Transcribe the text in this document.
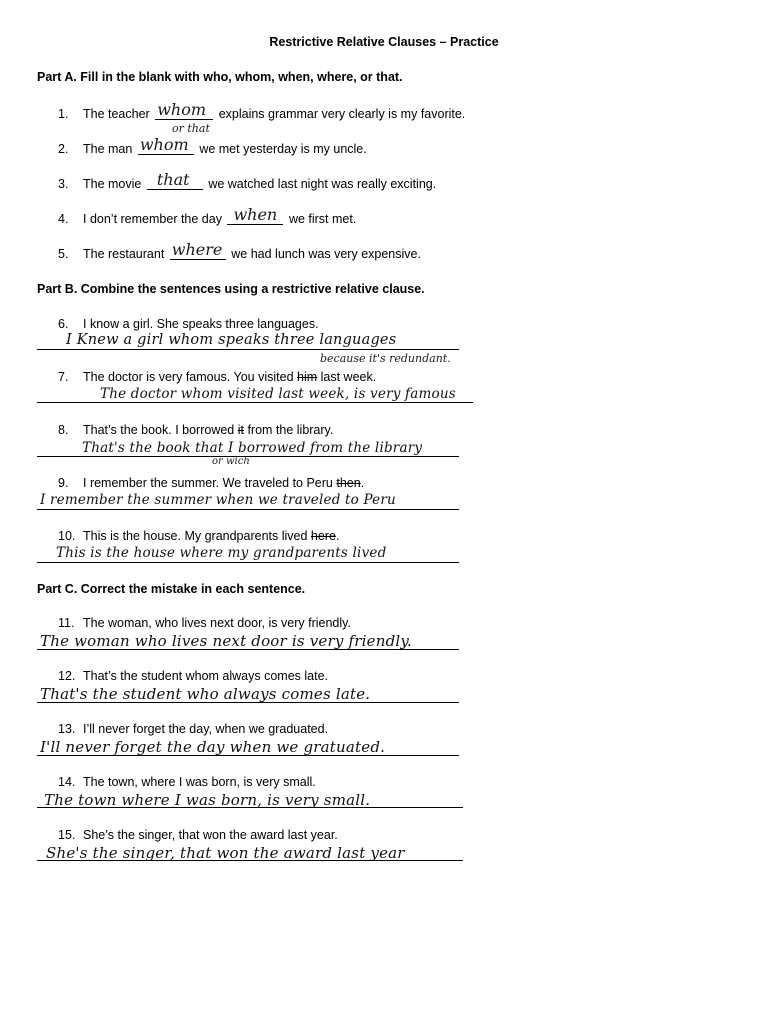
Restrictive Relative Clauses – Practice
Part A. Fill in the blank with who, whom, when, where, or that.
1. The teacher whom explains grammar very clearly is my favorite.
or that
2. The man whom we met yesterday is my uncle.
3. The movie that we watched last night was really exciting.
4. I don’t remember the day when we first met.
5. The restaurant where we had lunch was very expensive.
Part B. Combine the sentences using a restrictive relative clause.
6. I know a girl. She speaks three languages.
I Knew a girl whom speaks three languages
because it's redundant.
7. The doctor is very famous. You visited him last week.
The doctor whom visited last week, is very famous
8. That’s the book. I borrowed it from the library.
That's the book that I borrowed from the library
or wich
9. I remember the summer. We traveled to Peru then.
I remember the summer when we traveled to Peru
10. This is the house. My grandparents lived here.
This is the house where my grandparents lived
Part C. Correct the mistake in each sentence.
11. The woman, who lives next door, is very friendly.
The woman who lives next door is very friendly.
12. That’s the student whom always comes late.
That's the student who always comes late.
13. I’ll never forget the day, when we graduated.
I'll never forget the day when we gratuated.
14. The town, where I was born, is very small.
The town where I was born, is very small.
15. She’s the singer, that won the award last year.
She's the singer, that won the award last year
